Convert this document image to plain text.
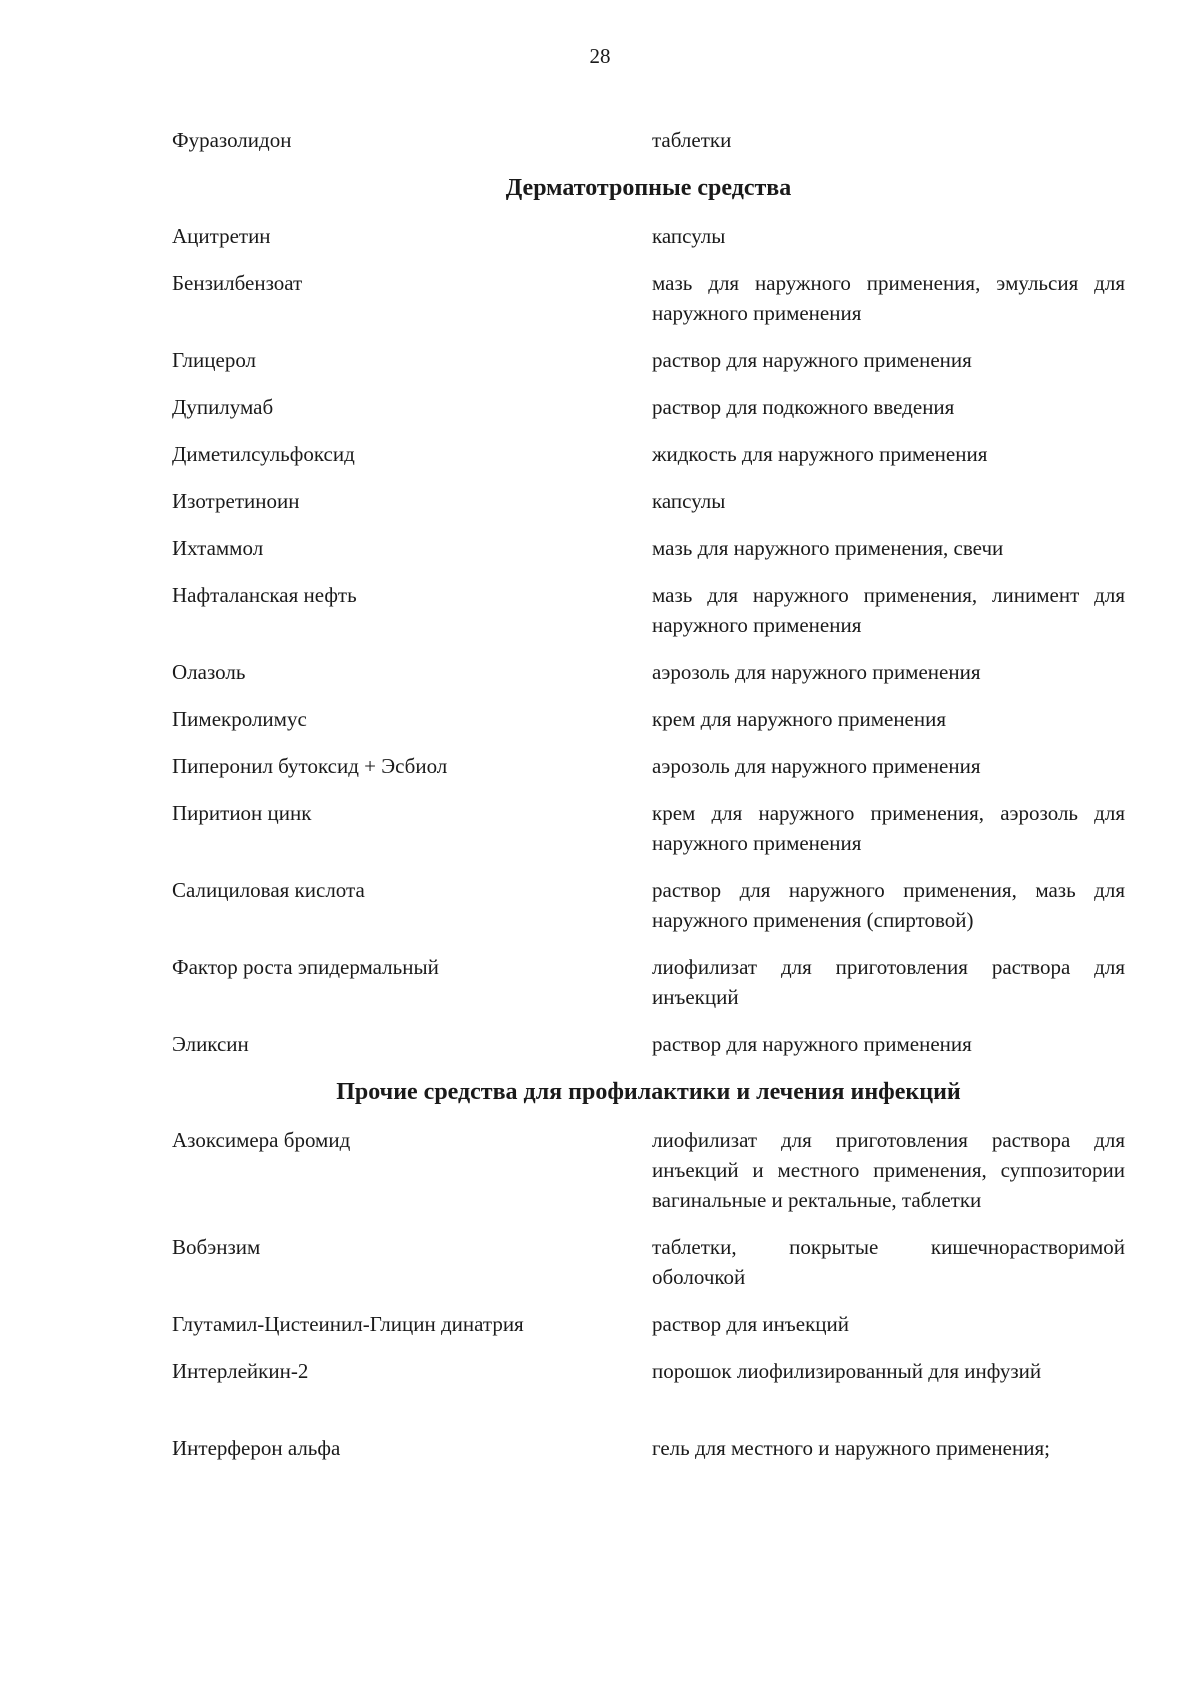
28
Фуразолидон	таблетки
Дерматотропные средства
Ацитретин	капсулы
Бензилбензоат	мазь для наружного применения, эмульсия для наружного применения
Глицерол	раствор для наружного применения
Дупилумаб	раствор для подкожного введения
Диметилсульфоксид	жидкость для наружного применения
Изотретиноин	капсулы
Ихтаммол	мазь для наружного применения, свечи
Нафталанская нефть	мазь для наружного применения, линимент для наружного применения
Олазоль	аэрозоль для наружного применения
Пимекролимус	крем для наружного применения
Пиперонил бутоксид + Эсбиол	аэрозоль для наружного применения
Пиритион цинк	крем для наружного применения, аэрозоль для наружного применения
Салициловая кислота	раствор для наружного применения, мазь для наружного применения (спиртовой)
Фактор роста эпидермальный	лиофилизат для приготовления раствора для инъекций
Эликсин	раствор для наружного применения
Прочие средства для профилактики и лечения инфекций
Азоксимера бромид	лиофилизат для приготовления раствора для инъекций и местного применения, суппозитории вагинальные и ректальные, таблетки
Вобэнзим	таблетки, покрытые кишечнорастворимой оболочкой
Глутамил-Цистеинил-Глицин динатрия	раствор для инъекций
Интерлейкин-2	порошок лиофилизированный для инфузий
Интерферон альфа	гель для местного и наружного применения;
